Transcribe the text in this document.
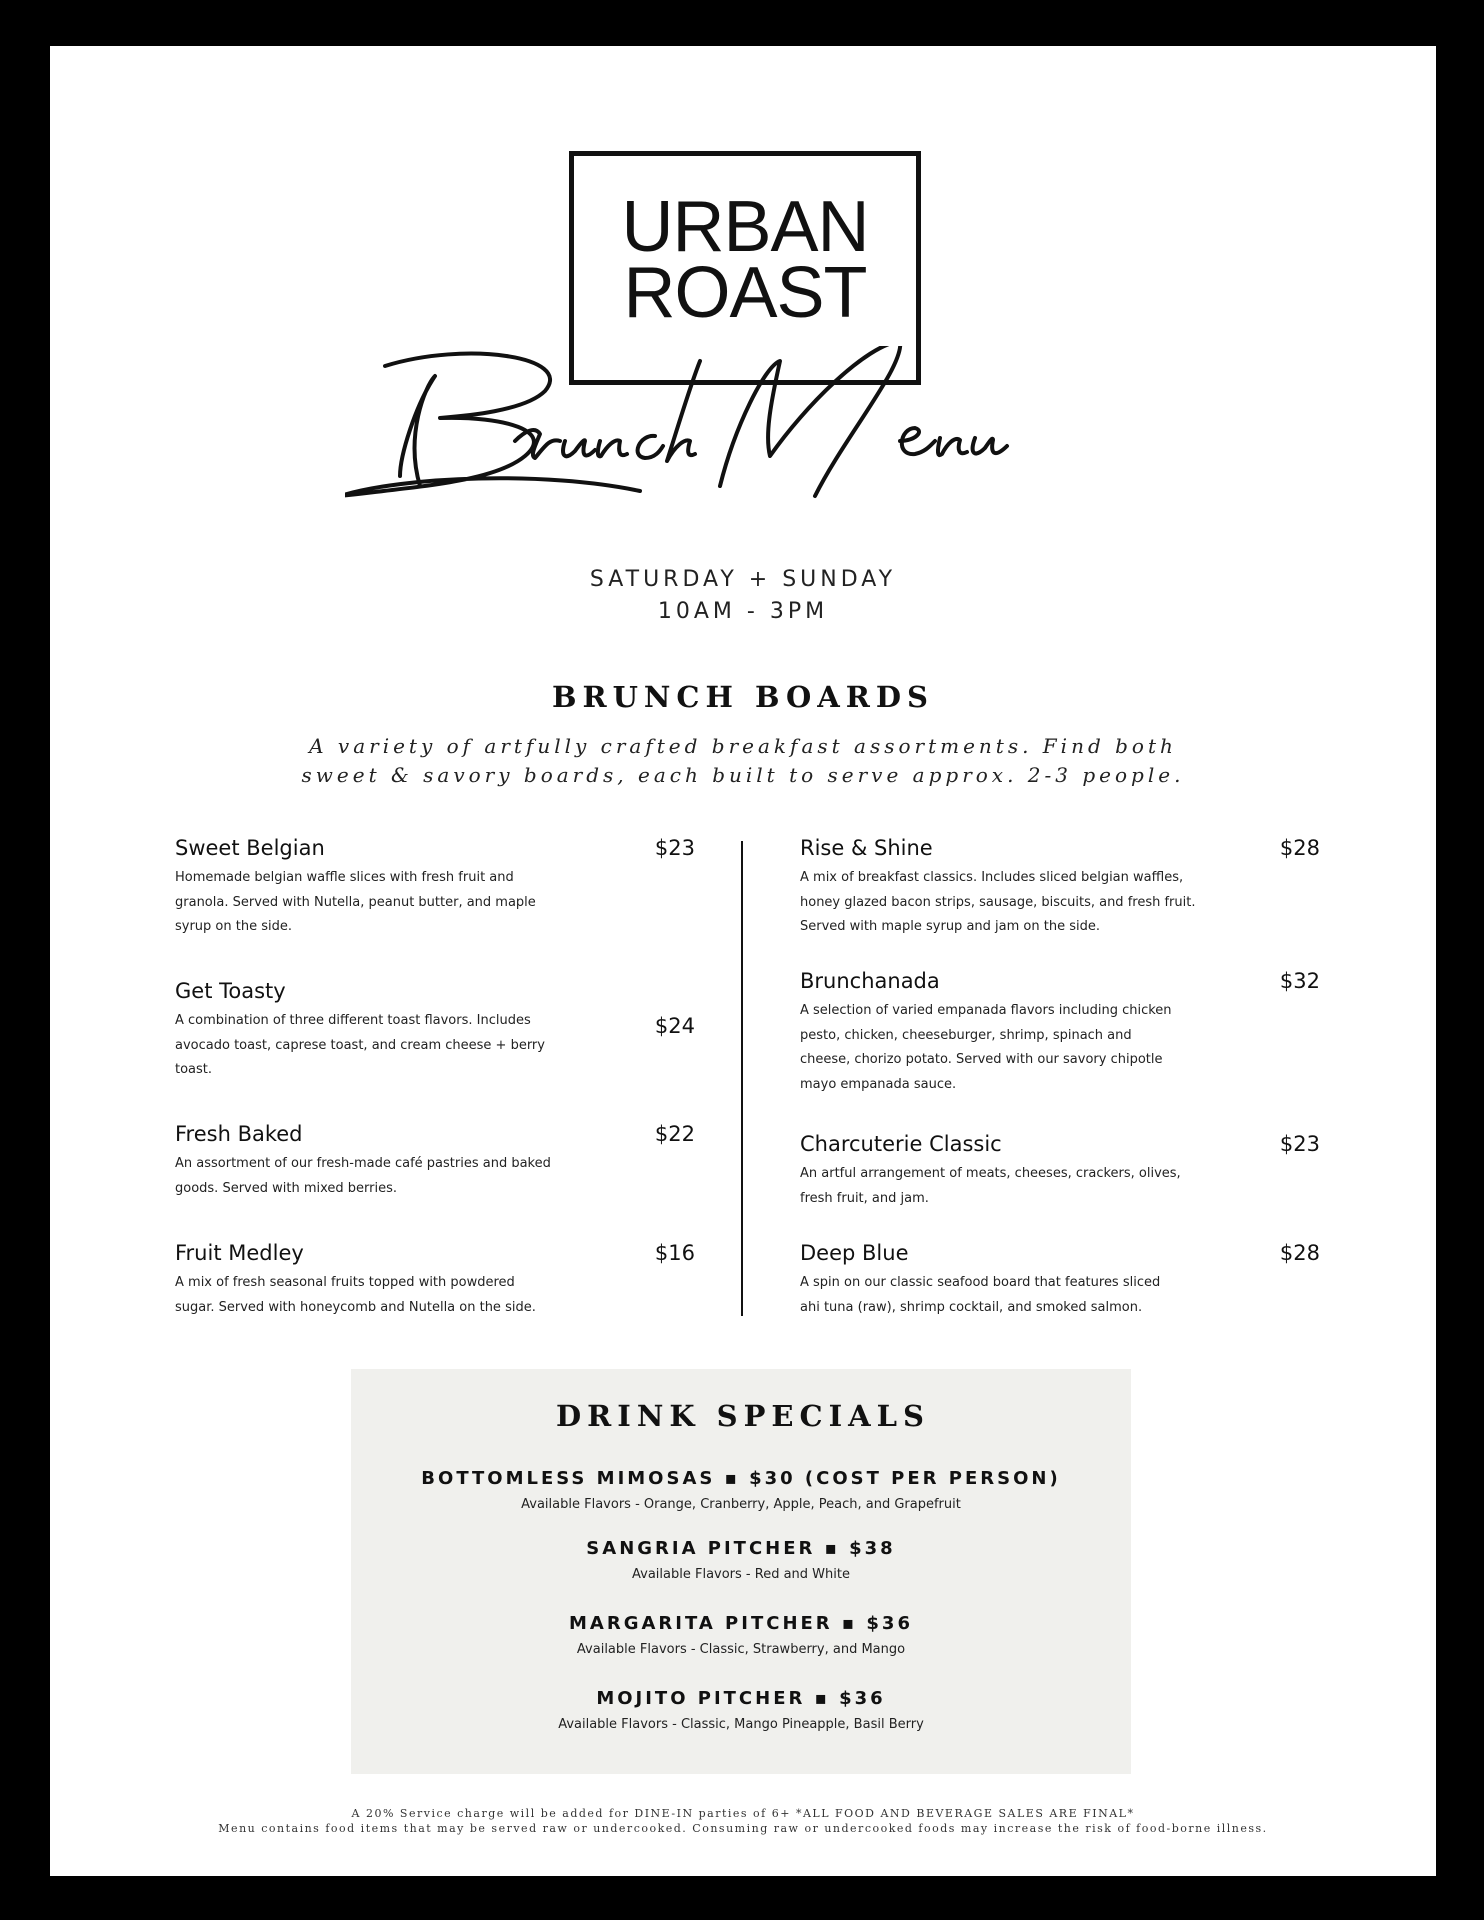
URBAN
ROAST
SATURDAY + SUNDAY
10AM - 3PM
BRUNCH BOARDS
A variety of artfully crafted breakfast assortments. Find both
sweet & savory boards, each built to serve approx. 2-3 people.
Sweet Belgian	$23
Homemade belgian waffle slices with fresh fruit and
granola. Served with Nutella, peanut butter, and maple
syrup on the side.
Get Toasty
$24
A combination of three different toast flavors. Includes
avocado toast, caprese toast, and cream cheese + berry
toast.
Fresh Baked	$22
An assortment of our fresh-made café pastries and baked
goods. Served with mixed berries.
Fruit Medley	$16
A mix of fresh seasonal fruits topped with powdered
sugar. Served with honeycomb and Nutella on the side.
Rise & Shine	$28
A mix of breakfast classics. Includes sliced belgian waffles,
honey glazed bacon strips, sausage, biscuits, and fresh fruit.
Served with maple syrup and jam on the side.
Brunchanada	$32
A selection of varied empanada flavors including chicken
pesto, chicken, cheeseburger, shrimp, spinach and
cheese, chorizo potato. Served with our savory chipotle
mayo empanada sauce.
Charcuterie Classic	$23
An artful arrangement of meats, cheeses, crackers, olives,
fresh fruit, and jam.
Deep Blue	$28
A spin on our classic seafood board that features sliced
ahi tuna (raw), shrimp cocktail, and smoked salmon.
DRINK SPECIALS
BOTTOMLESS MIMOSAS ▪ $30 (COST PER PERSON)
Available Flavors - Orange, Cranberry, Apple, Peach, and Grapefruit
SANGRIA PITCHER ▪ $38
Available Flavors - Red and White
MARGARITA PITCHER ▪ $36
Available Flavors - Classic, Strawberry, and Mango
MOJITO PITCHER ▪ $36
Available Flavors - Classic, Mango Pineapple, Basil Berry
A 20% Service charge will be added for DINE-IN parties of 6+ *ALL FOOD AND BEVERAGE SALES ARE FINAL*
Menu contains food items that may be served raw or undercooked. Consuming raw or undercooked foods may increase the risk of food-borne illness.
